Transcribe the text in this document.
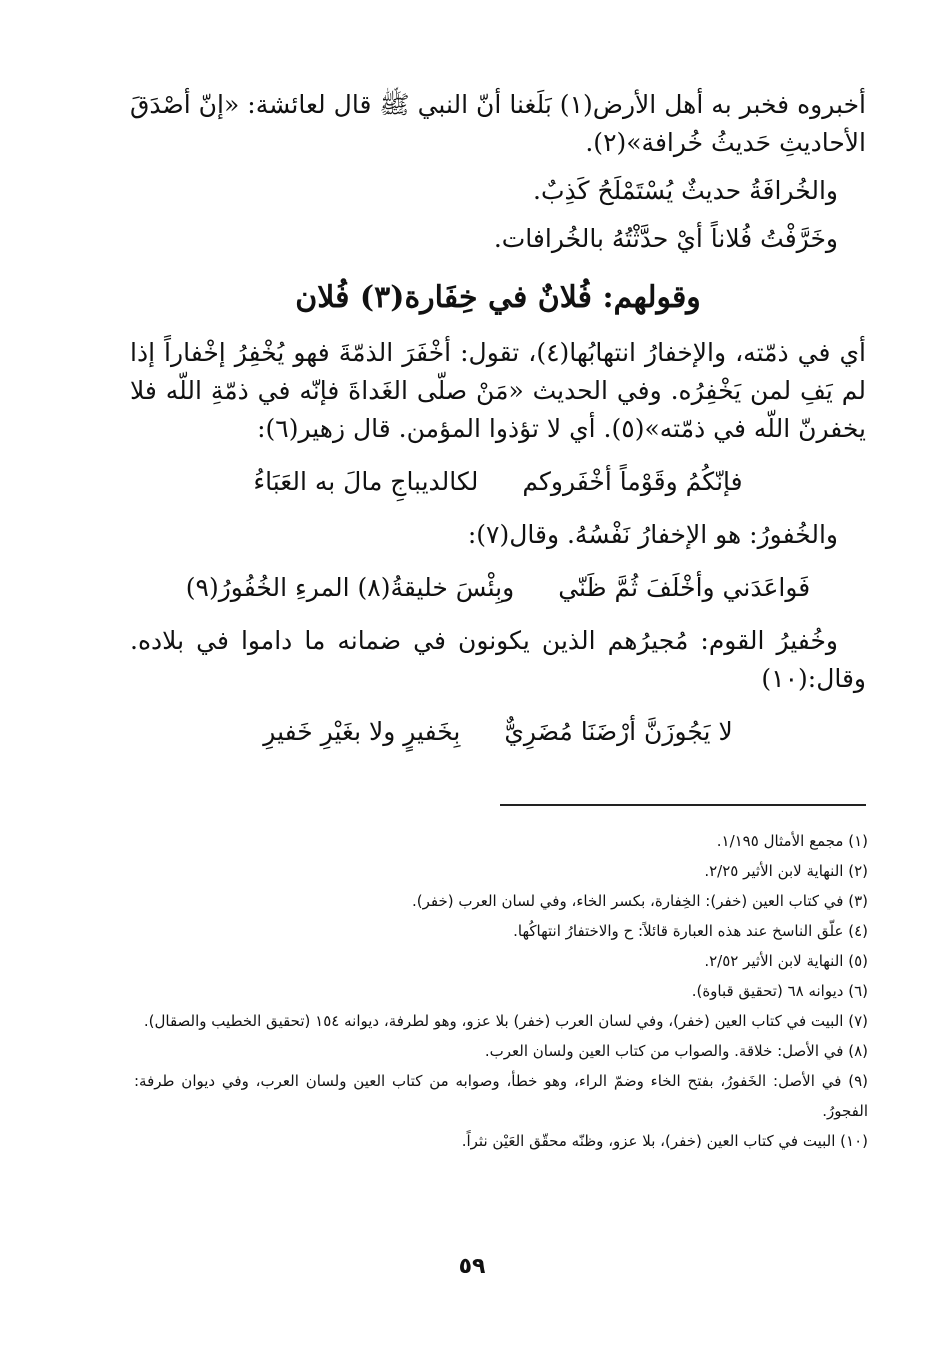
أخبروه فخبر به أهل الأرض(١) بَلَغنا أنّ النبي ﷺ قال لعائشة: «إنّ أصْدَقَ الأحاديثِ حَديثُ خُرافة»(٢).

والخُرافَةُ حديثٌ يُسْتَمْلَحُ كَذِبٌ.

وخَرَّفْتُ فُلاناً أيْ حدَّثْتُهُ بالخُرافات.

وقولهم: فُلانٌ في خِفَارة(٣) فُلان

أي في ذمّته، والإخفارُ انتهابُها(٤)، تقول: أخْفَرَ الذمّةَ فهو يُخْفِرُ إخْفاراً إذا لم يَفِ لمن يَخْفِرُه. وفي الحديث «مَنْ صلّى الغَداةَ فإنّه في ذمّةِ اللّه فلا يخفرنّ اللّه في ذمّته»(٥). أي لا تؤذوا المؤمن. قال زهير(٦):

فإنّكُمُ وقَوْماً أخْفَروكم
لكالديباجِ مالَ به العَبَاءُ

والخُفورُ: هو الإخفارُ نَفْسُهُ. وقال(٧):

فَواعَدَني وأخْلَفَ ثُمَّ ظَنّي
وبِئْسَ خليقةُ(٨) المرءِ الخُفُورُ(٩)

وخُفيرُ القوم: مُجيرُهم الذين يكونون في ضمانه ما داموا في بلاده. وقال:(١٠)

لا يَجُوزَنَّ أرْضَنَا مُضَرِيٌّ
بِخَفيرٍ ولا بغَيْرِ خَفيرِ

(١) مجمع الأمثال ١/١٩٥.

(٢) النهاية لابن الأثير ٢/٢٥.

(٣) في كتاب العين (خفر): الخِفارة، بكسر الخاء، وفي لسان العرب (خفر).

(٤) علّق الناسخ عند هذه العبارة قائلاً: ح والاختفارُ انتهاكُها.

(٥) النهاية لابن الأثير ٢/٥٢.

(٦) ديوانه ٦٨ (تحقيق قباوة).

(٧) البيت في كتاب العين (خفر)، وفي لسان العرب (خفر) بلا عزو، وهو لطرفة، ديوانه ١٥٤ (تحقيق الخطيب والصقال).

(٨) في الأصل: خلاقة. والصواب من كتاب العين ولسان العرب.

(٩) في الأصل: الخَفورُ، بفتح الخاء وضمّ الراء، وهو خطأ، وصوابه من كتاب العين ولسان العرب، وفي ديوان طرفة: الفجورُ.

(١٠) البيت في كتاب العين (خفر)، بلا عزو، وظنّه محقّق العَيْن نثراً.

٥٩
